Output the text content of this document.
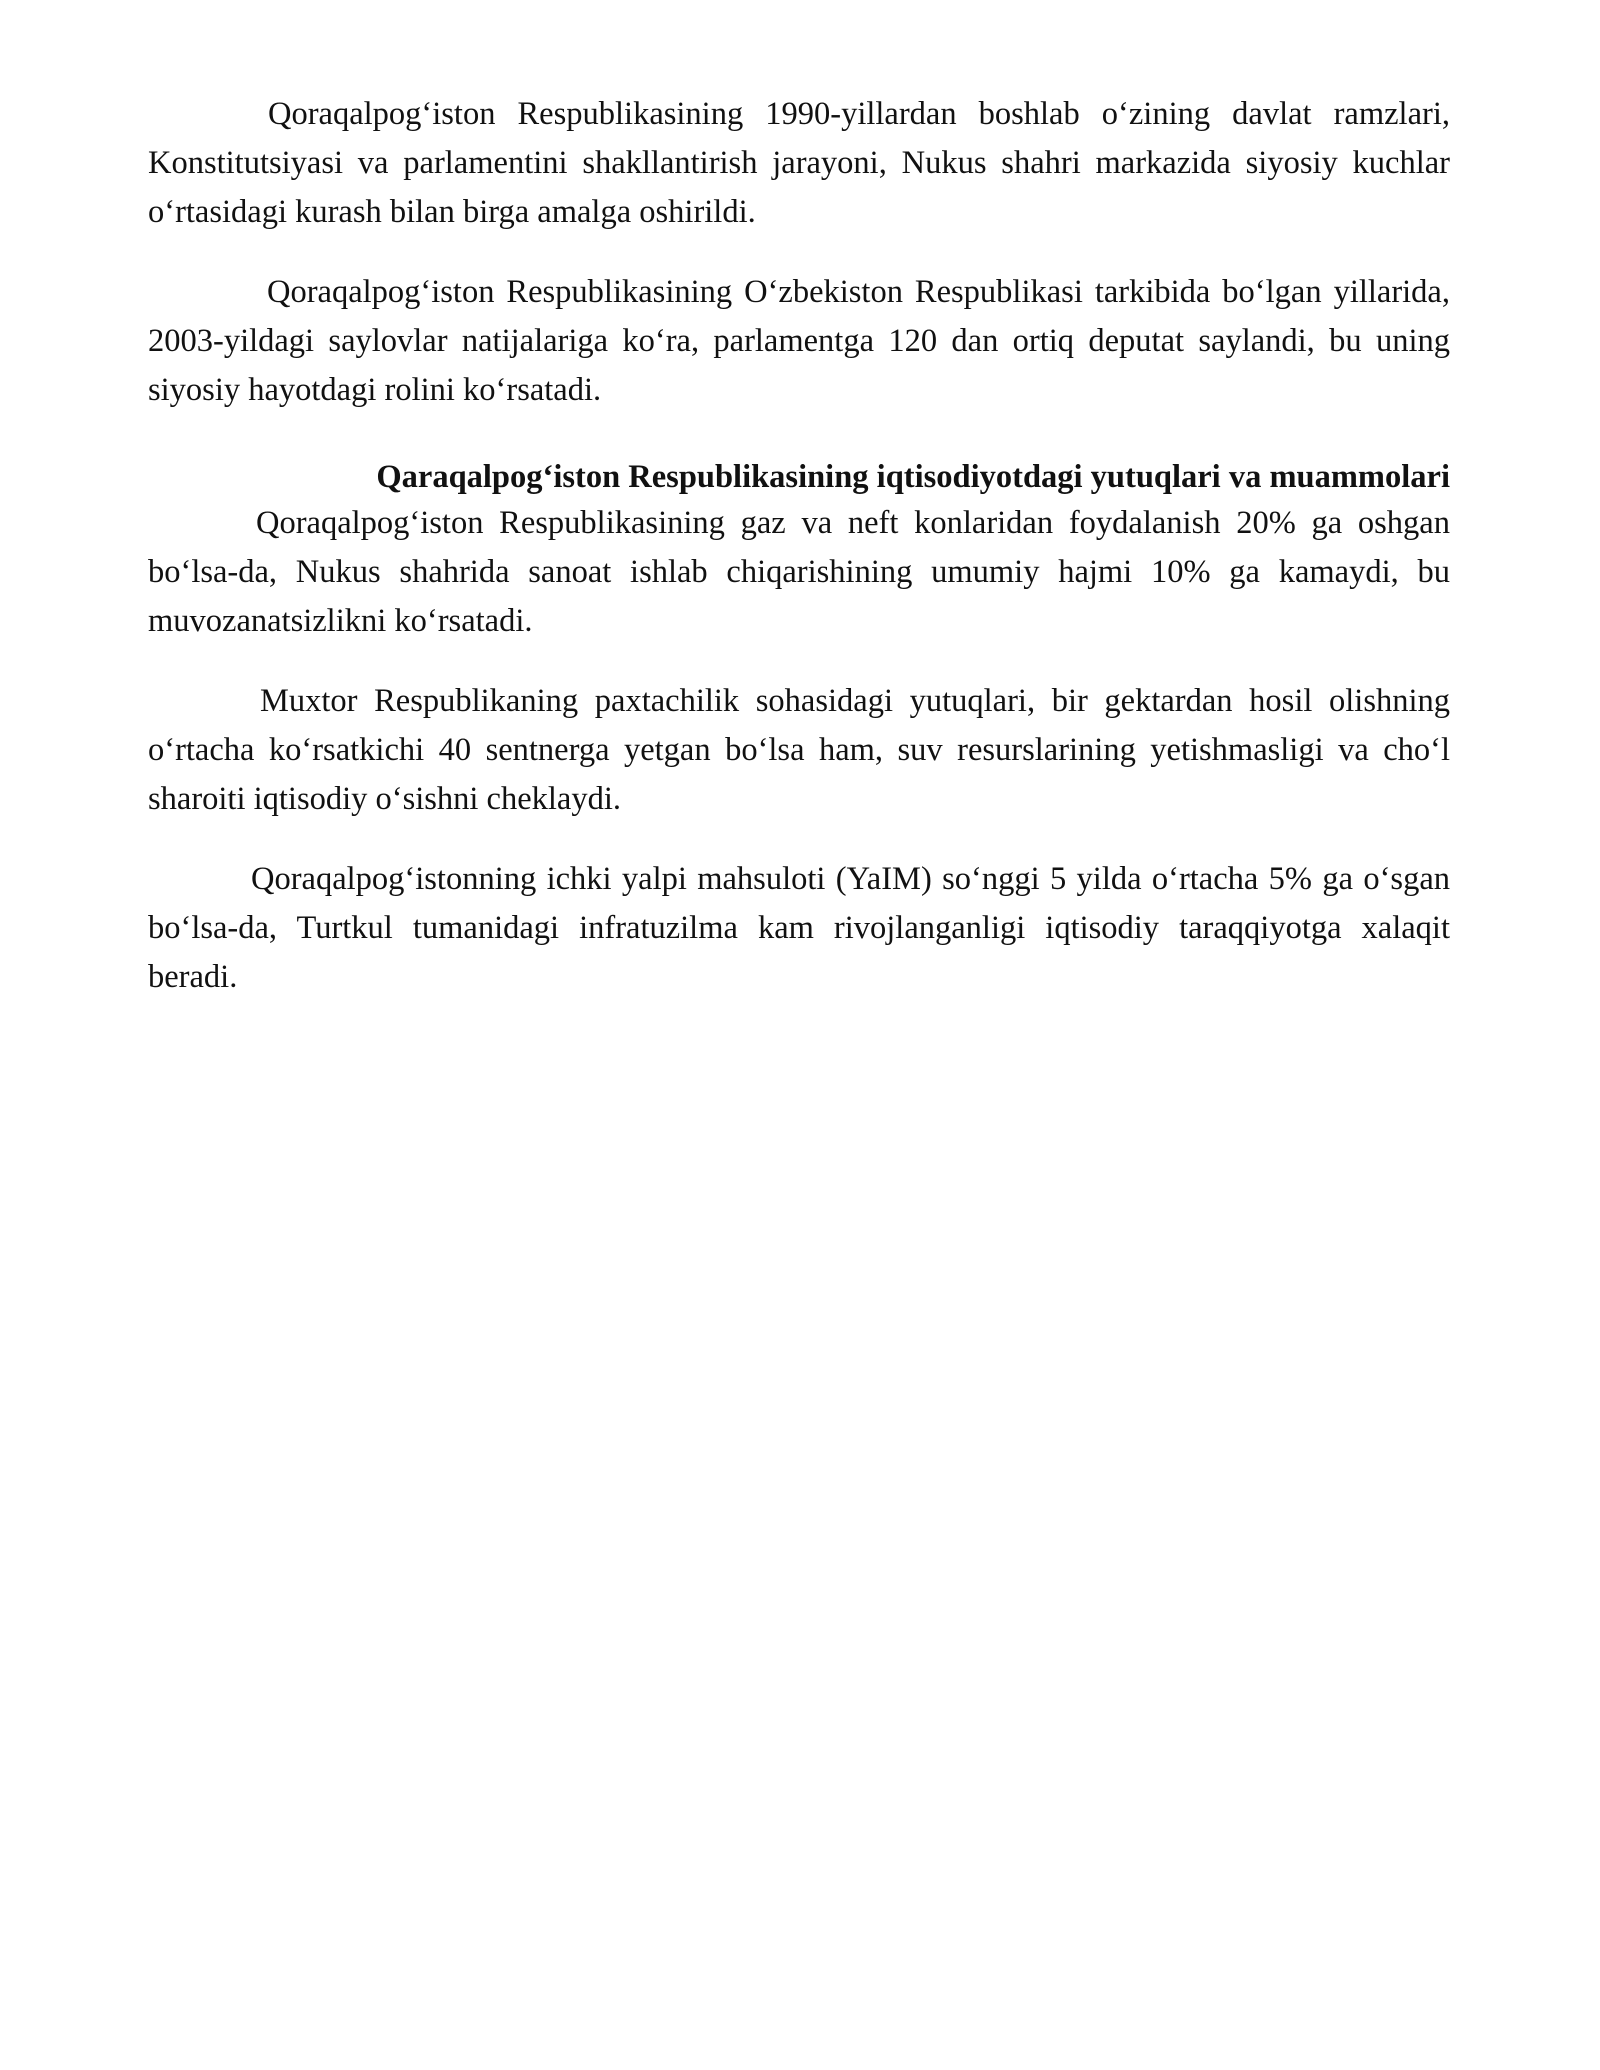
Qoraqalpog‘iston Respublikasining 1990-yillardan boshlab o‘zining davlat ramzlari, Konstitutsiyasi va parlamentini shakllantirish jarayoni, Nukus shahri markazida siyosiy kuchlar o‘rtasidagi kurash bilan birga amalga oshirildi.

Qoraqalpog‘iston Respublikasining O‘zbekiston Respublikasi tarkibida bo‘lgan yillarida, 2003-yildagi saylovlar natijalariga ko‘ra, parlamentga 120 dan ortiq deputat saylandi, bu uning siyosiy hayotdagi rolini ko‘rsatadi.

Qaraqalpog‘iston Respublikasining iqtisodiyotdagi yutuqlari va muammolari

Qoraqalpog‘iston Respublikasining gaz va neft konlaridan foydalanish 20% ga oshgan bo‘lsa-da, Nukus shahrida sanoat ishlab chiqarishining umumiy hajmi 10% ga kamaydi, bu muvozanatsizlikni ko‘rsatadi.

Muxtor Respublikaning paxtachilik sohasidagi yutuqlari, bir gektardan hosil olishning o‘rtacha ko‘rsatkichi 40 sentnerga yetgan bo‘lsa ham, suv resurslarining yetishmasligi va cho‘l sharoiti iqtisodiy o‘sishni cheklaydi.

Qoraqalpog‘istonning ichki yalpi mahsuloti (YaIM) so‘nggi 5 yilda o‘rtacha 5% ga o‘sgan bo‘lsa-da, Turtkul tumanidagi infratuzilma kam rivojlanganligi iqtisodiy taraqqiyotga xalaqit beradi.
